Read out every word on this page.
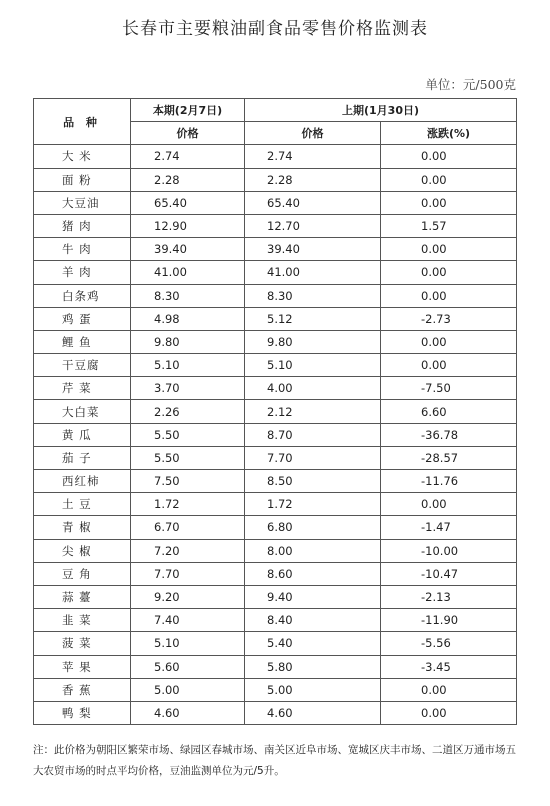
长春市主要粮油副食品零售价格监测表
单位：元/500克
品 种	本期(2月7日)	上期(1月30日)	
	价格	价格	涨跌(%)
大 米	2.74	2.74	0.00
面 粉	2.28	2.28	0.00
大豆油	65.40	65.40	0.00
猪 肉	12.90	12.70	1.57
牛 肉	39.40	39.40	0.00
羊 肉	41.00	41.00	0.00
白条鸡	8.30	8.30	0.00
鸡 蛋	4.98	5.12	-2.73
鲤 鱼	9.80	9.80	0.00
干豆腐	5.10	5.10	0.00
芹 菜	3.70	4.00	-7.50
大白菜	2.26	2.12	6.60
黄 瓜	5.50	8.70	-36.78
茄 子	5.50	7.70	-28.57
西红柿	7.50	8.50	-11.76
土 豆	1.72	1.72	0.00
青 椒	6.70	6.80	-1.47
尖 椒	7.20	8.00	-10.00
豆 角	7.70	8.60	-10.47
蒜 薹	9.20	9.40	-2.13
韭 菜	7.40	8.40	-11.90
菠 菜	5.10	5.40	-5.56
苹 果	5.60	5.80	-3.45
香 蕉	5.00	5.00	0.00
鸭 梨	4.60	4.60	0.00
注：此价格为朝阳区繁荣市场、绿园区春城市场、南关区近阜市场、宽城区庆丰市场、二道区万通市场五大农贸市场的时点平均价格，豆油监测单位为元/5升。
